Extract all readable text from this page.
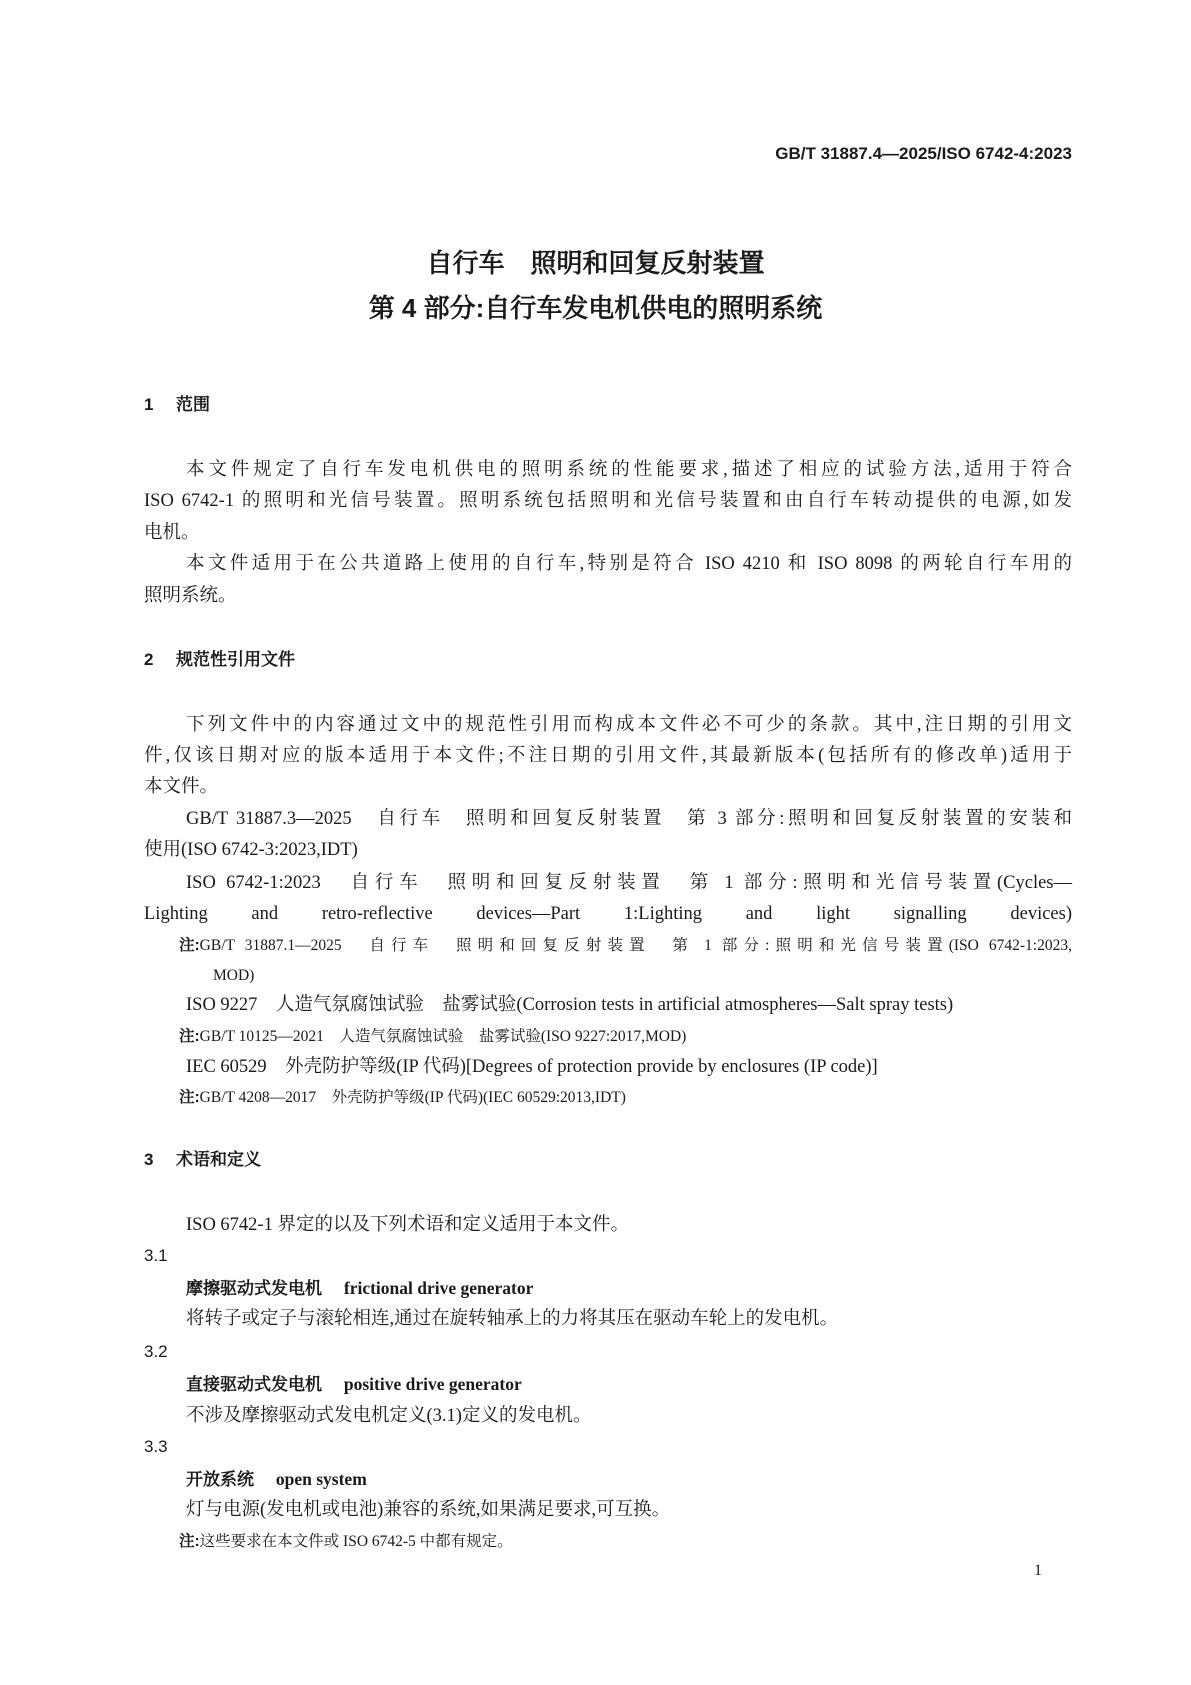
GB/T 31887.4—2025/ISO 6742-4:2023
自行车　照明和回复反射装置
第 4 部分:自行车发电机供电的照明系统
1 范围
本文件规定了自行车发电机供电的照明系统的性能要求,描述了相应的试验方法,适用于符合
ISO 6742-1 的照明和光信号装置。照明系统包括照明和光信号装置和由自行车转动提供的电源,如发
电机。
本文件适用于在公共道路上使用的自行车,特别是符合 ISO 4210 和 ISO 8098 的两轮自行车用的
照明系统。
2 规范性引用文件
下列文件中的内容通过文中的规范性引用而构成本文件必不可少的条款。其中,注日期的引用文
件,仅该日期对应的版本适用于本文件;不注日期的引用文件,其最新版本(包括所有的修改单)适用于
本文件。
GB/T 31887.3—2025　自行车　照明和回复反射装置　第 3 部分:照明和回复反射装置的安装和
使用(ISO 6742-3:2023,IDT)
ISO 6742-1:2023　自行车　照明和回复反射装置　第 1 部分:照明和光信号装置(Cycles—
Lighting and retro-reflective devices—Part 1:Lighting and light signalling devices)
注: GB/T 31887.1—2025　自行车　照明和回复反射装置　第 1 部分:照明和光信号装置(ISO 6742-1:2023,
MOD)
ISO 9227　人造气氛腐蚀试验　盐雾试验(Corrosion tests in artificial atmospheres—Salt spray tests)
注:GB/T 10125—2021　人造气氛腐蚀试验　盐雾试验(ISO 9227:2017,MOD)
IEC 60529　外壳防护等级(IP 代码)[Degrees of protection provide by enclosures (IP code)]
注:GB/T 4208—2017　外壳防护等级(IP 代码)(IEC 60529:2013,IDT)
3 术语和定义
ISO 6742-1 界定的以及下列术语和定义适用于本文件。
3.1
摩擦驱动式发电机　 frictional drive generator
将转子或定子与滚轮相连,通过在旋转轴承上的力将其压在驱动车轮上的发电机。
3.2
直接驱动式发电机　 positive drive generator
不涉及摩擦驱动式发电机定义(3.1)定义的发电机。
3.3
开放系统　 open system
灯与电源(发电机或电池)兼容的系统,如果满足要求,可互换。
注:这些要求在本文件或 ISO 6742-5 中都有规定。
1
